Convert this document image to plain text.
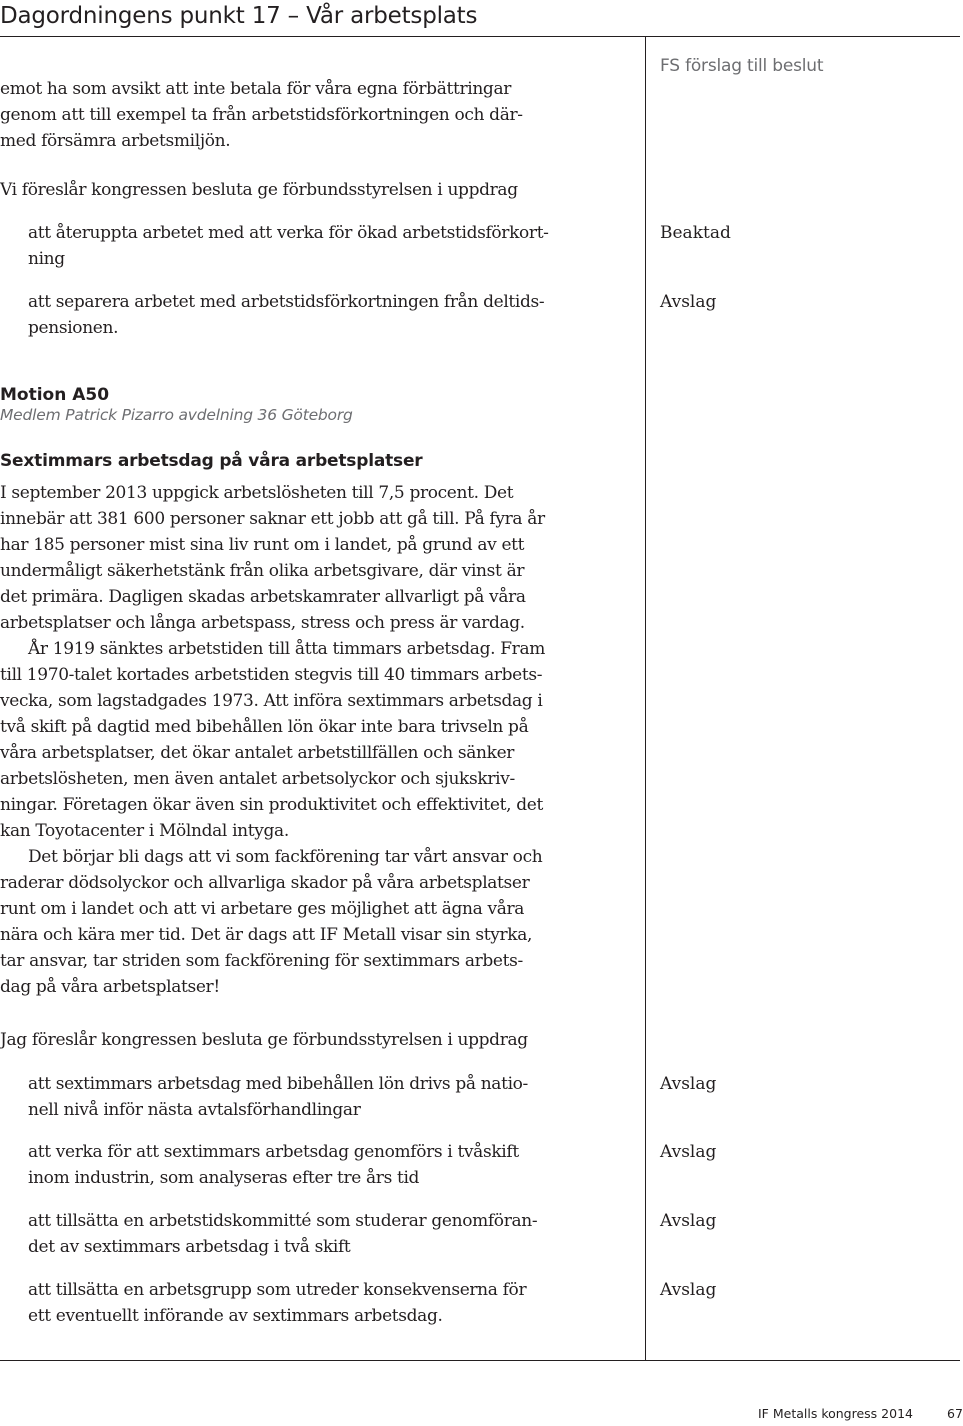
Dagordningens punkt 17 – Vår arbetsplats
FS förslag till beslut
emot ha som avsikt att inte betala för våra egna förbättringar
genom att till exempel ta från arbetstidsförkortningen och där-
med försämra arbetsmiljön.
Vi föreslår kongressen besluta ge förbundsstyrelsen i uppdrag
att återuppta arbetet med att verka för ökad arbetstidsförkort-
ning
Beaktad
att separera arbetet med arbetstidsförkortningen från deltids-
pensionen.
Avslag
Motion A50
Medlem Patrick Pizarro avdelning 36 Göteborg
Sextimmars arbetsdag på våra arbetsplatser
I september 2013 uppgick arbetslösheten till 7,5 procent. Det
innebär att 381 600 personer saknar ett jobb att gå till. På fyra år
har 185 personer mist sina liv runt om i landet, på grund av ett
undermåligt säkerhetstänk från olika arbetsgivare, där vinst är
det primära. Dagligen skadas arbetskamrater allvarligt på våra
arbetsplatser och långa arbetspass, stress och press är vardag.
År 1919 sänktes arbetstiden till åtta timmars arbetsdag. Fram
till 1970-talet kortades arbetstiden stegvis till 40 timmars arbets-
vecka, som lagstadgades 1973. Att införa sextimmars arbetsdag i
två skift på dagtid med bibehållen lön ökar inte bara trivseln på
våra arbetsplatser, det ökar antalet arbetstillfällen och sänker
arbetslösheten, men även antalet arbetsolyckor och sjukskriv-
ningar. Företagen ökar även sin produktivitet och effektivitet, det
kan Toyotacenter i Mölndal intyga.
Det börjar bli dags att vi som fackförening tar vårt ansvar och
raderar dödsolyckor och allvarliga skador på våra arbetsplatser
runt om i landet och att vi arbetare ges möjlighet att ägna våra
nära och kära mer tid. Det är dags att IF Metall visar sin styrka,
tar ansvar, tar striden som fackförening för sextimmars arbets-
dag på våra arbetsplatser!
Jag föreslår kongressen besluta ge förbundsstyrelsen i uppdrag
att sextimmars arbetsdag med bibehållen lön drivs på natio-
nell nivå inför nästa avtalsförhandlingar
Avslag
att verka för att sextimmars arbetsdag genomförs i tvåskift
inom industrin, som analyseras efter tre års tid
Avslag
att tillsätta en arbetstidskommitté som studerar genomföran-
det av sextimmars arbetsdag i två skift
Avslag
att tillsätta en arbetsgrupp som utreder konsekvenserna för
ett eventuellt införande av sextimmars arbetsdag.
Avslag
IF Metalls kongress 2014	67
